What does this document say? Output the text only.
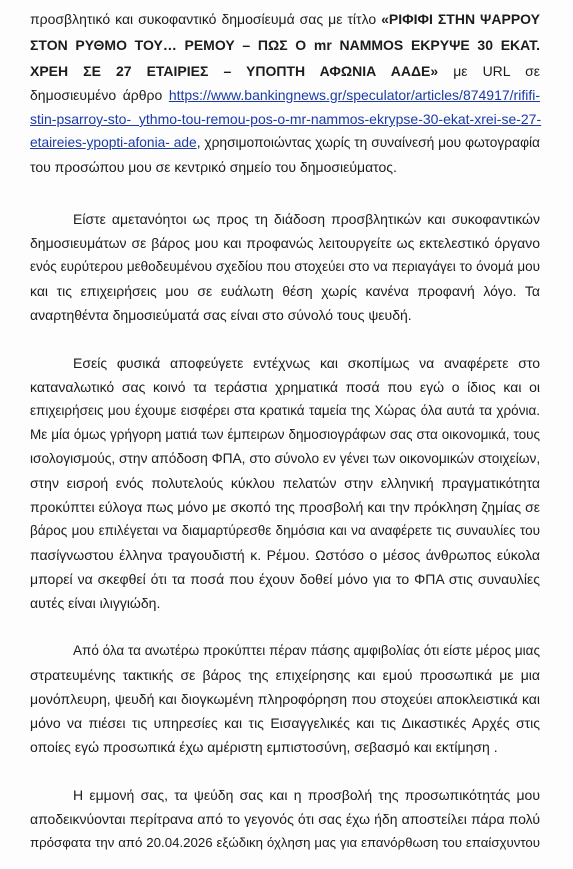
προσβλητικό και συκοφαντικό δημοσίευμά σας με τίτλο «ΡΙΦΙΦΙ ΣΤΗΝ ΨΑΡΡΟΥ
ΣΤΟΝ ΡΥΘΜΟ ΤΟΥ… ΡΕΜΟΥ – ΠΩΣ Ο mr NAMMOS ΕΚΡΥΨΕ 30 ΕΚΑΤ.
ΧΡΕΗ ΣΕ 27 ΕΤΑΙΡΙΕΣ – ΥΠΟΠΤΗ ΑΦΩΝΙΑ ΑΑΔΕ» με URL σε
δημοσιευμένο άρθρο https://www.bankingnews.gr/speculator/articles/874917/rififi-
stin-psarroy-sto-  ythmo-tou-remou-pos-o-mr-nammos-ekrypse-30-ekat-xrei-se-27-
etaireies-ypopti-afonia- ade, χρησιμοποιώντας χωρίς τη συναίνεσή μου φωτογραφία
του προσώπου μου σε κεντρικό σημείο του δημοσιεύματος.
Είστε αμετανόητοι ως προς τη διάδοση προσβλητικών και συκοφαντικών
δημοσιευμάτων σε βάρος μου και προφανώς λειτουργείτε ως εκτελεστικό όργανο
ενός ευρύτερου μεθοδευμένου σχεδίου που στοχεύει στο να περιαγάγει το όνομά μου
και τις επιχειρήσεις μου σε ευάλωτη θέση χωρίς κανένα προφανή λόγο. Τα
αναρτηθέντα δημοσιεύματά σας είναι στο σύνολό τους ψευδή.
Εσείς φυσικά αποφεύγετε εντέχνως και σκοπίμως να αναφέρετε στο
καταναλωτικό σας κοινό τα τεράστια χρηματικά ποσά που εγώ ο ίδιος και οι
επιχειρήσεις μου έχουμε εισφέρει στα κρατικά ταμεία της Χώρας όλα αυτά τα χρόνια.
Με μία όμως γρήγορη ματιά των έμπειρων δημοσιογράφων σας στα οικονομικά, τους
ισολογισμούς, στην απόδοση ΦΠΑ, στο σύνολο εν γένει των οικονομικών στοιχείων,
στην εισροή ενός πολυτελούς κύκλου πελατών στην ελληνική πραγματικότητα
προκύπτει εύλογα πως μόνο με σκοπό της προσβολή και την πρόκληση ζημίας σε
βάρος μου επιλέγεται να διαμαρτύρεσθε δημόσια και να αναφέρετε τις συναυλίες του
πασίγνωστου έλληνα τραγουδιστή κ. Ρέμου. Ωστόσο ο μέσος άνθρωπος εύκολα
μπορεί να σκεφθεί ότι τα ποσά που έχουν δοθεί μόνο για το ΦΠΑ στις συναυλίες
αυτές είναι ιλιγγιώδη.
Από όλα τα ανωτέρω προκύπτει πέραν πάσης αμφιβολίας ότι είστε μέρος μιας
στρατευμένης τακτικής σε βάρος της επιχείρησης και εμού προσωπικά με μια
μονόπλευρη, ψευδή και διογκωμένη πληροφόρηση που στοχεύει αποκλειστικά και
μόνο να πιέσει τις υπηρεσίες και τις Εισαγγελικές και τις Δικαστικές Αρχές στις
οποίες εγώ προσωπικά έχω αμέριστη εμπιστοσύνη, σεβασμό και εκτίμηση .
Η εμμονή σας, τα ψεύδη σας και η προσβολή της προσωπικότητάς μου
αποδεικνύονται περίτρανα από το γεγονός ότι σας έχω ήδη αποστείλει πάρα πολύ
πρόσφατα την από 20.04.2026 εξώδικη όχληση μας για επανόρθωση του επαίσχυντου
